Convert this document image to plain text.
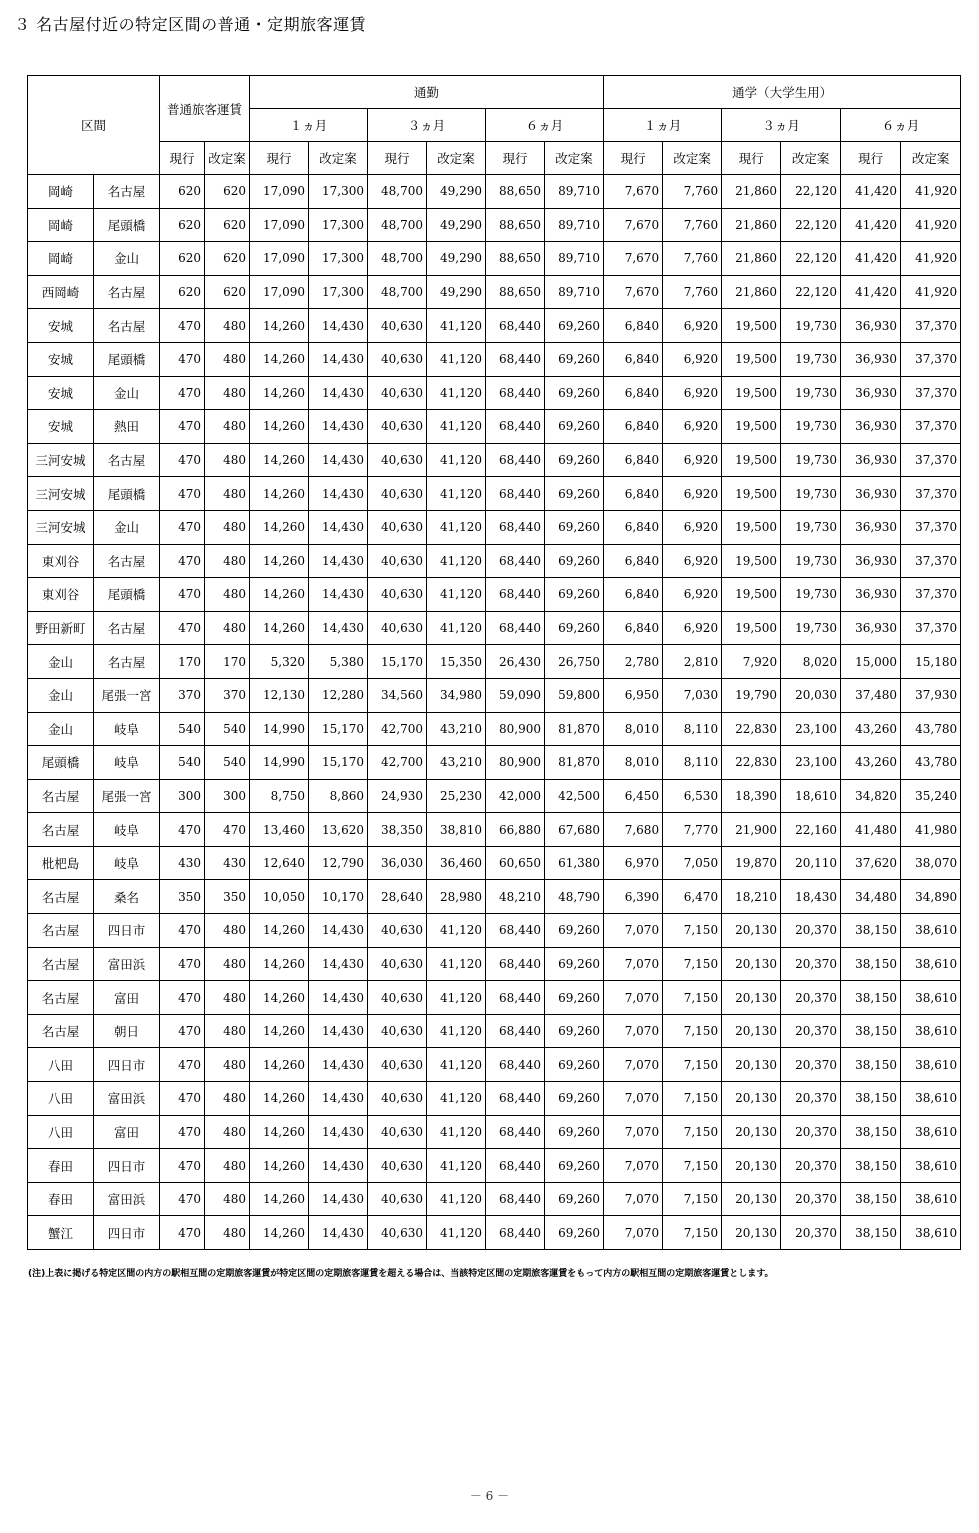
３ 名古屋付近の特定区間の普通・定期旅客運賃
区間		普通旅客運賃		通勤						通学（大学生用）					
				１ヵ月		３ヵ月		６ヵ月		１ヵ月		３ヵ月		６ヵ月	
		現行	改定案	現行	改定案	現行	改定案	現行	改定案	現行	改定案	現行	改定案	現行	改定案
岡崎	名古屋	620	620	17,090	17,300	48,700	49,290	88,650	89,710	7,670	7,760	21,860	22,120	41,420	41,920
岡崎	尾頭橋	620	620	17,090	17,300	48,700	49,290	88,650	89,710	7,670	7,760	21,860	22,120	41,420	41,920
岡崎	金山	620	620	17,090	17,300	48,700	49,290	88,650	89,710	7,670	7,760	21,860	22,120	41,420	41,920
西岡崎	名古屋	620	620	17,090	17,300	48,700	49,290	88,650	89,710	7,670	7,760	21,860	22,120	41,420	41,920
安城	名古屋	470	480	14,260	14,430	40,630	41,120	68,440	69,260	6,840	6,920	19,500	19,730	36,930	37,370
安城	尾頭橋	470	480	14,260	14,430	40,630	41,120	68,440	69,260	6,840	6,920	19,500	19,730	36,930	37,370
安城	金山	470	480	14,260	14,430	40,630	41,120	68,440	69,260	6,840	6,920	19,500	19,730	36,930	37,370
安城	熱田	470	480	14,260	14,430	40,630	41,120	68,440	69,260	6,840	6,920	19,500	19,730	36,930	37,370
三河安城	名古屋	470	480	14,260	14,430	40,630	41,120	68,440	69,260	6,840	6,920	19,500	19,730	36,930	37,370
三河安城	尾頭橋	470	480	14,260	14,430	40,630	41,120	68,440	69,260	6,840	6,920	19,500	19,730	36,930	37,370
三河安城	金山	470	480	14,260	14,430	40,630	41,120	68,440	69,260	6,840	6,920	19,500	19,730	36,930	37,370
東刈谷	名古屋	470	480	14,260	14,430	40,630	41,120	68,440	69,260	6,840	6,920	19,500	19,730	36,930	37,370
東刈谷	尾頭橋	470	480	14,260	14,430	40,630	41,120	68,440	69,260	6,840	6,920	19,500	19,730	36,930	37,370
野田新町	名古屋	470	480	14,260	14,430	40,630	41,120	68,440	69,260	6,840	6,920	19,500	19,730	36,930	37,370
金山	名古屋	170	170	5,320	5,380	15,170	15,350	26,430	26,750	2,780	2,810	7,920	8,020	15,000	15,180
金山	尾張一宮	370	370	12,130	12,280	34,560	34,980	59,090	59,800	6,950	7,030	19,790	20,030	37,480	37,930
金山	岐阜	540	540	14,990	15,170	42,700	43,210	80,900	81,870	8,010	8,110	22,830	23,100	43,260	43,780
尾頭橋	岐阜	540	540	14,990	15,170	42,700	43,210	80,900	81,870	8,010	8,110	22,830	23,100	43,260	43,780
名古屋	尾張一宮	300	300	8,750	8,860	24,930	25,230	42,000	42,500	6,450	6,530	18,390	18,610	34,820	35,240
名古屋	岐阜	470	470	13,460	13,620	38,350	38,810	66,880	67,680	7,680	7,770	21,900	22,160	41,480	41,980
枇杷島	岐阜	430	430	12,640	12,790	36,030	36,460	60,650	61,380	6,970	7,050	19,870	20,110	37,620	38,070
名古屋	桑名	350	350	10,050	10,170	28,640	28,980	48,210	48,790	6,390	6,470	18,210	18,430	34,480	34,890
名古屋	四日市	470	480	14,260	14,430	40,630	41,120	68,440	69,260	7,070	7,150	20,130	20,370	38,150	38,610
名古屋	富田浜	470	480	14,260	14,430	40,630	41,120	68,440	69,260	7,070	7,150	20,130	20,370	38,150	38,610
名古屋	富田	470	480	14,260	14,430	40,630	41,120	68,440	69,260	7,070	7,150	20,130	20,370	38,150	38,610
名古屋	朝日	470	480	14,260	14,430	40,630	41,120	68,440	69,260	7,070	7,150	20,130	20,370	38,150	38,610
八田	四日市	470	480	14,260	14,430	40,630	41,120	68,440	69,260	7,070	7,150	20,130	20,370	38,150	38,610
八田	富田浜	470	480	14,260	14,430	40,630	41,120	68,440	69,260	7,070	7,150	20,130	20,370	38,150	38,610
八田	富田	470	480	14,260	14,430	40,630	41,120	68,440	69,260	7,070	7,150	20,130	20,370	38,150	38,610
春田	四日市	470	480	14,260	14,430	40,630	41,120	68,440	69,260	7,070	7,150	20,130	20,370	38,150	38,610
春田	富田浜	470	480	14,260	14,430	40,630	41,120	68,440	69,260	7,070	7,150	20,130	20,370	38,150	38,610
蟹江	四日市	470	480	14,260	14,430	40,630	41,120	68,440	69,260	7,070	7,150	20,130	20,370	38,150	38,610
(注)上表に掲げる特定区間の内方の駅相互間の定期旅客運賃が特定区間の定期旅客運賃を超える場合は、当該特定区間の定期旅客運賃をもって内方の駅相互間の定期旅客運賃とします。
－ 6 －
